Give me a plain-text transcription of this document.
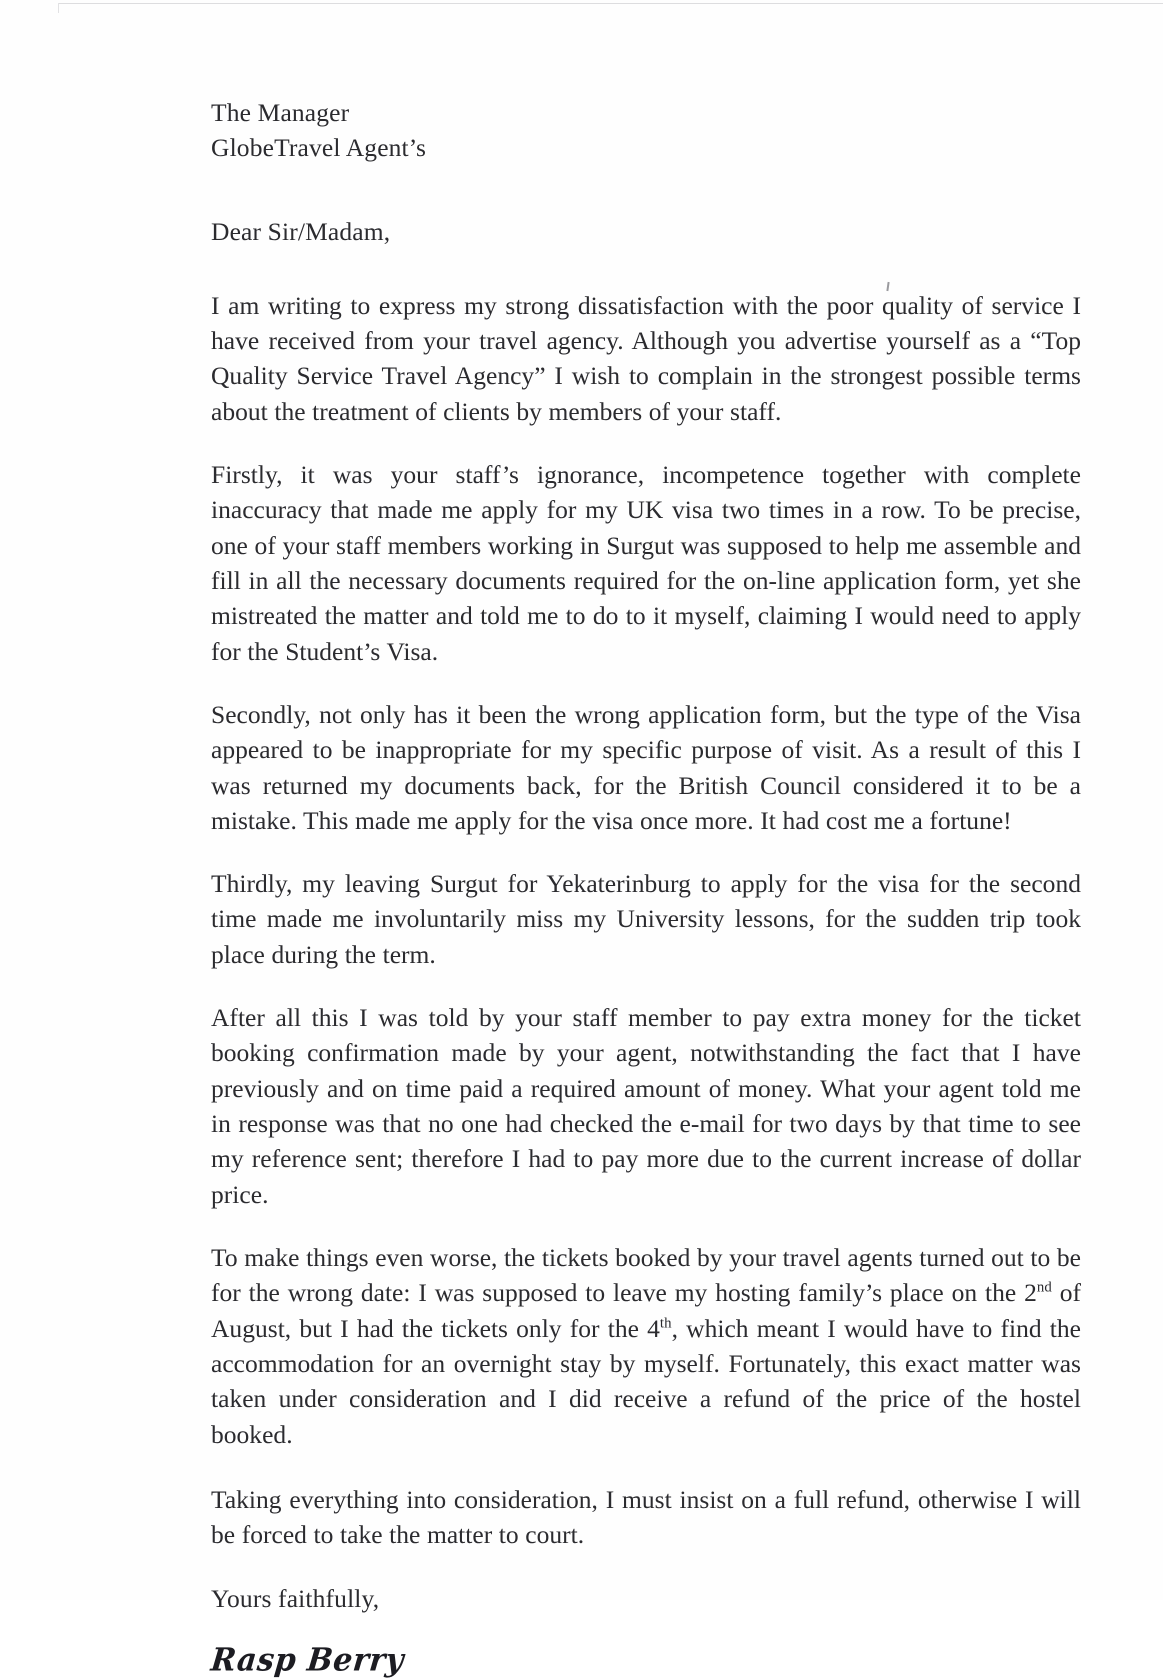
The Manager
GlobeTravel Agent’s
Dear Sir/Madam,

I am writing to express my strong dissatisfaction with the poor quality of service I have received from your travel agency. Although you advertise yourself as a “Top Quality Service Travel Agency” I wish to complain in the strongest possible terms about the treatment of clients by members of your staff.

Firstly, it was your staff’s ignorance, incompetence together with complete inaccuracy that made me apply for my UK visa two times in a row. To be precise, one of your staff members working in Surgut was supposed to help me assemble and fill in all the necessary documents required for the on-line application form, yet she mistreated the matter and told me to do to it myself, claiming I would need to apply for the Student’s Visa.

Secondly, not only has it been the wrong application form, but the type of the Visa appeared to be inappropriate for my specific purpose of visit. As a result of this I was returned my documents back, for the British Council considered it to be a mistake. This made me apply for the visa once more. It had cost me a fortune!

Thirdly, my leaving Surgut for Yekaterinburg to apply for the visa for the second time made me involuntarily miss my University lessons, for the sudden trip took place during the term.

After all this I was told by your staff member to pay extra money for the ticket booking confirmation made by your agent, notwithstanding the fact that I have previously and on time paid a required amount of money. What your agent told me in response was that no one had checked the e-mail for two days by that time to see my reference sent; therefore I had to pay more due to the current increase of dollar price.

To make things even worse, the tickets booked by your travel agents turned out to be for the wrong date: I was supposed to leave my hosting family’s place on the 2nd of August, but I had the tickets only for the 4th, which meant I would have to find the accommodation for an overnight stay by myself. Fortunately, this exact matter was taken under consideration and I did receive a refund of the price of the hostel booked.

Taking everything into consideration, I must insist on a full refund, otherwise I will be forced to take the matter to court.

Yours faithfully,
Rasp Berry
